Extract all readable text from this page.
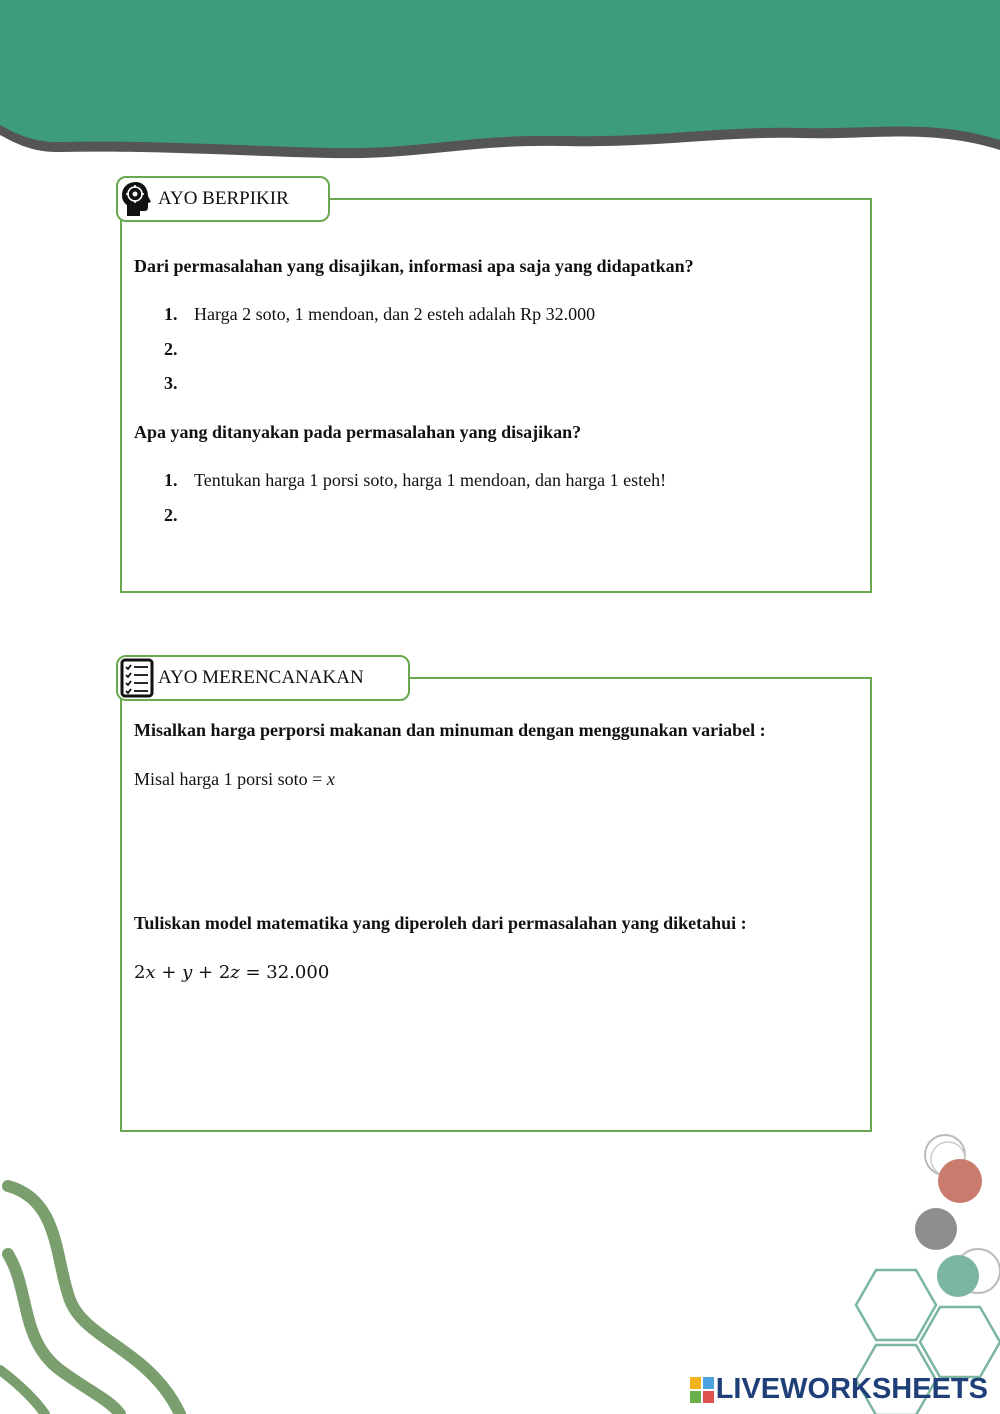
AYO BERPIKIR
Dari permasalahan yang disajikan, informasi apa saja yang didapatkan?
1. Harga 2 soto, 1 mendoan, dan 2 esteh adalah Rp 32.000
2.
3.
Apa yang ditanyakan pada permasalahan yang disajikan?
1. Tentukan harga 1 porsi soto, harga 1 mendoan, dan harga 1 esteh!
2.
AYO MERENCANAKAN
Misalkan harga perporsi makanan dan minuman dengan menggunakan variabel :
Misal harga 1 porsi soto = x
Tuliskan model matematika yang diperoleh dari permasalahan yang diketahui :
2𝑥 + 𝑦 + 2𝑧 = 32.000
LIVEWORKSHEETS
